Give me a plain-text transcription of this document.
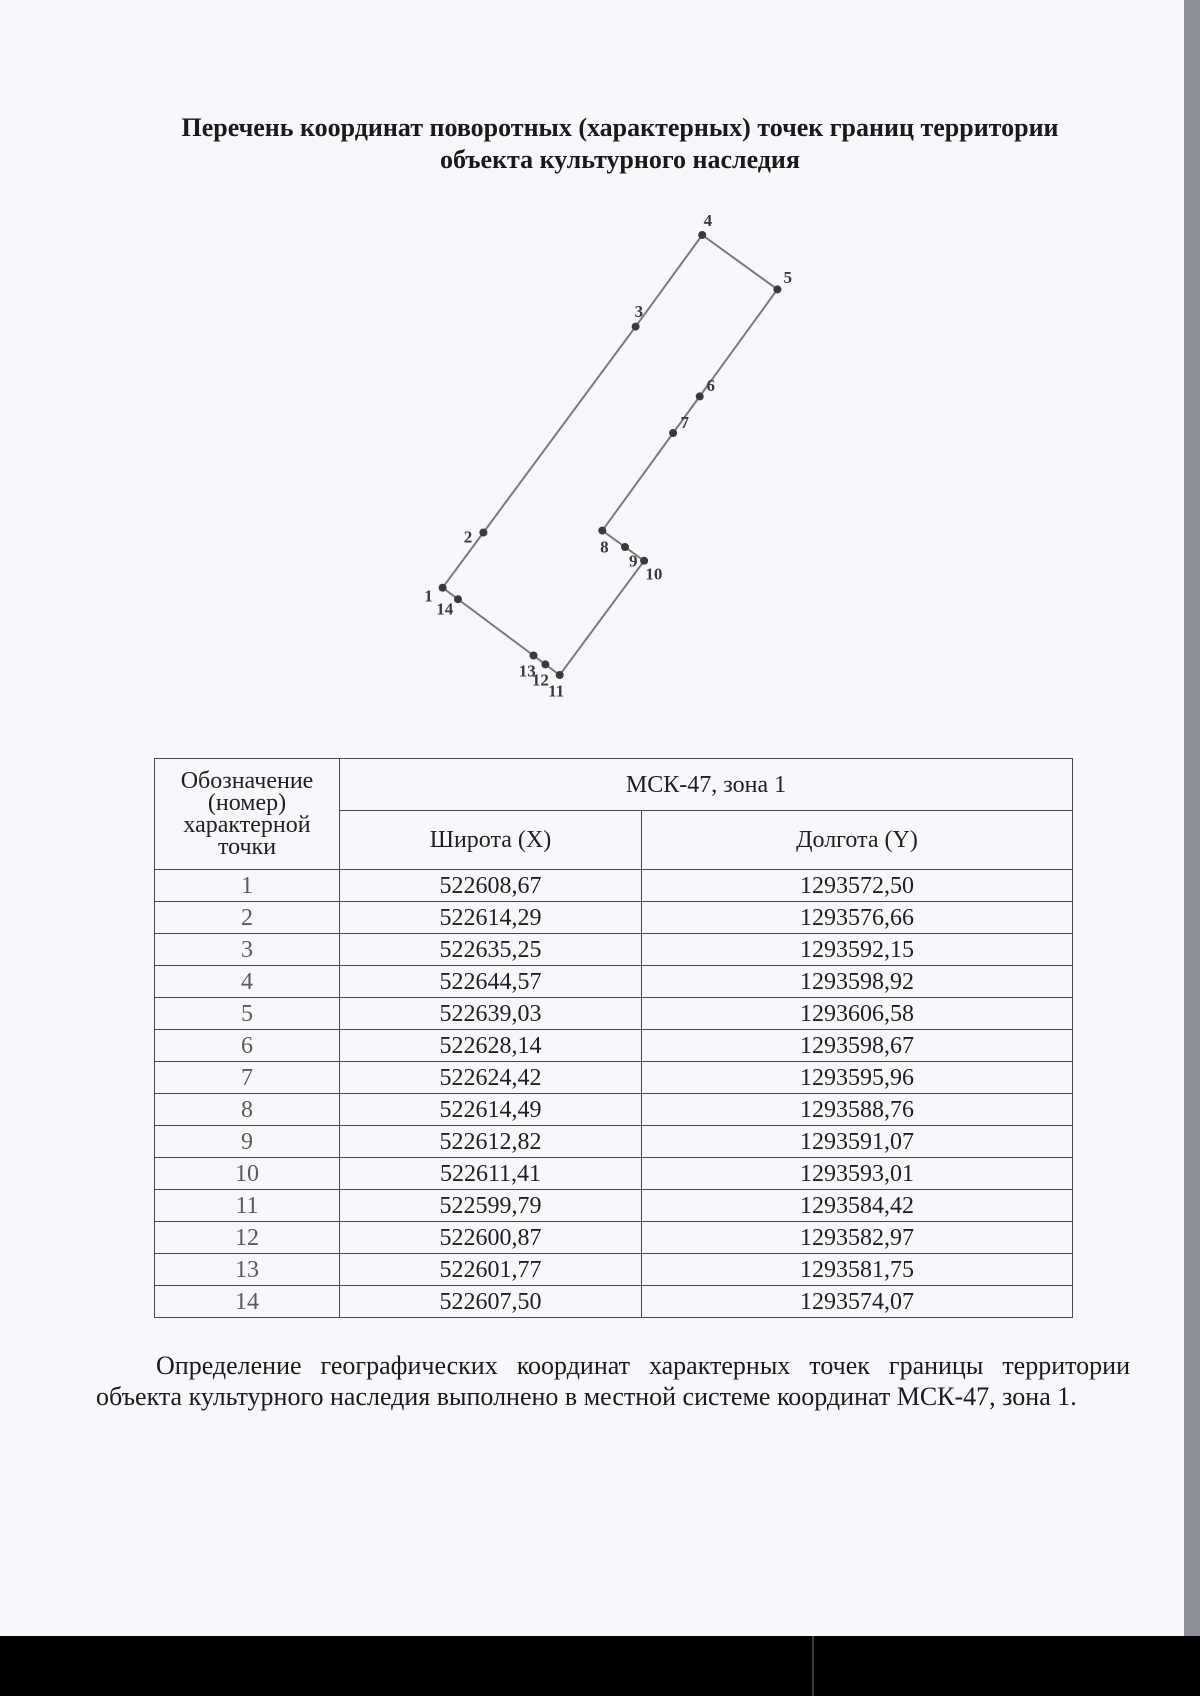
Перечень координат поворотных (характерных) точек границ территории
объекта культурного наследия
1
2
3
4
5
6
7
8
9
10
11
12
13
14
Обозначение (номер) характерной точки	МСК-47, зона 1	
	Широта (X)	Долгота (Y)
1	522608,67	1293572,50
2	522614,29	1293576,66
3	522635,25	1293592,15
4	522644,57	1293598,92
5	522639,03	1293606,58
6	522628,14	1293598,67
7	522624,42	1293595,96
8	522614,49	1293588,76
9	522612,82	1293591,07
10	522611,41	1293593,01
11	522599,79	1293584,42
12	522600,87	1293582,97
13	522601,77	1293581,75
14	522607,50	1293574,07

Определение географических координат характерных точек границы территории объекта культурного наследия выполнено в местной системе координат МСК-47, зона 1.
